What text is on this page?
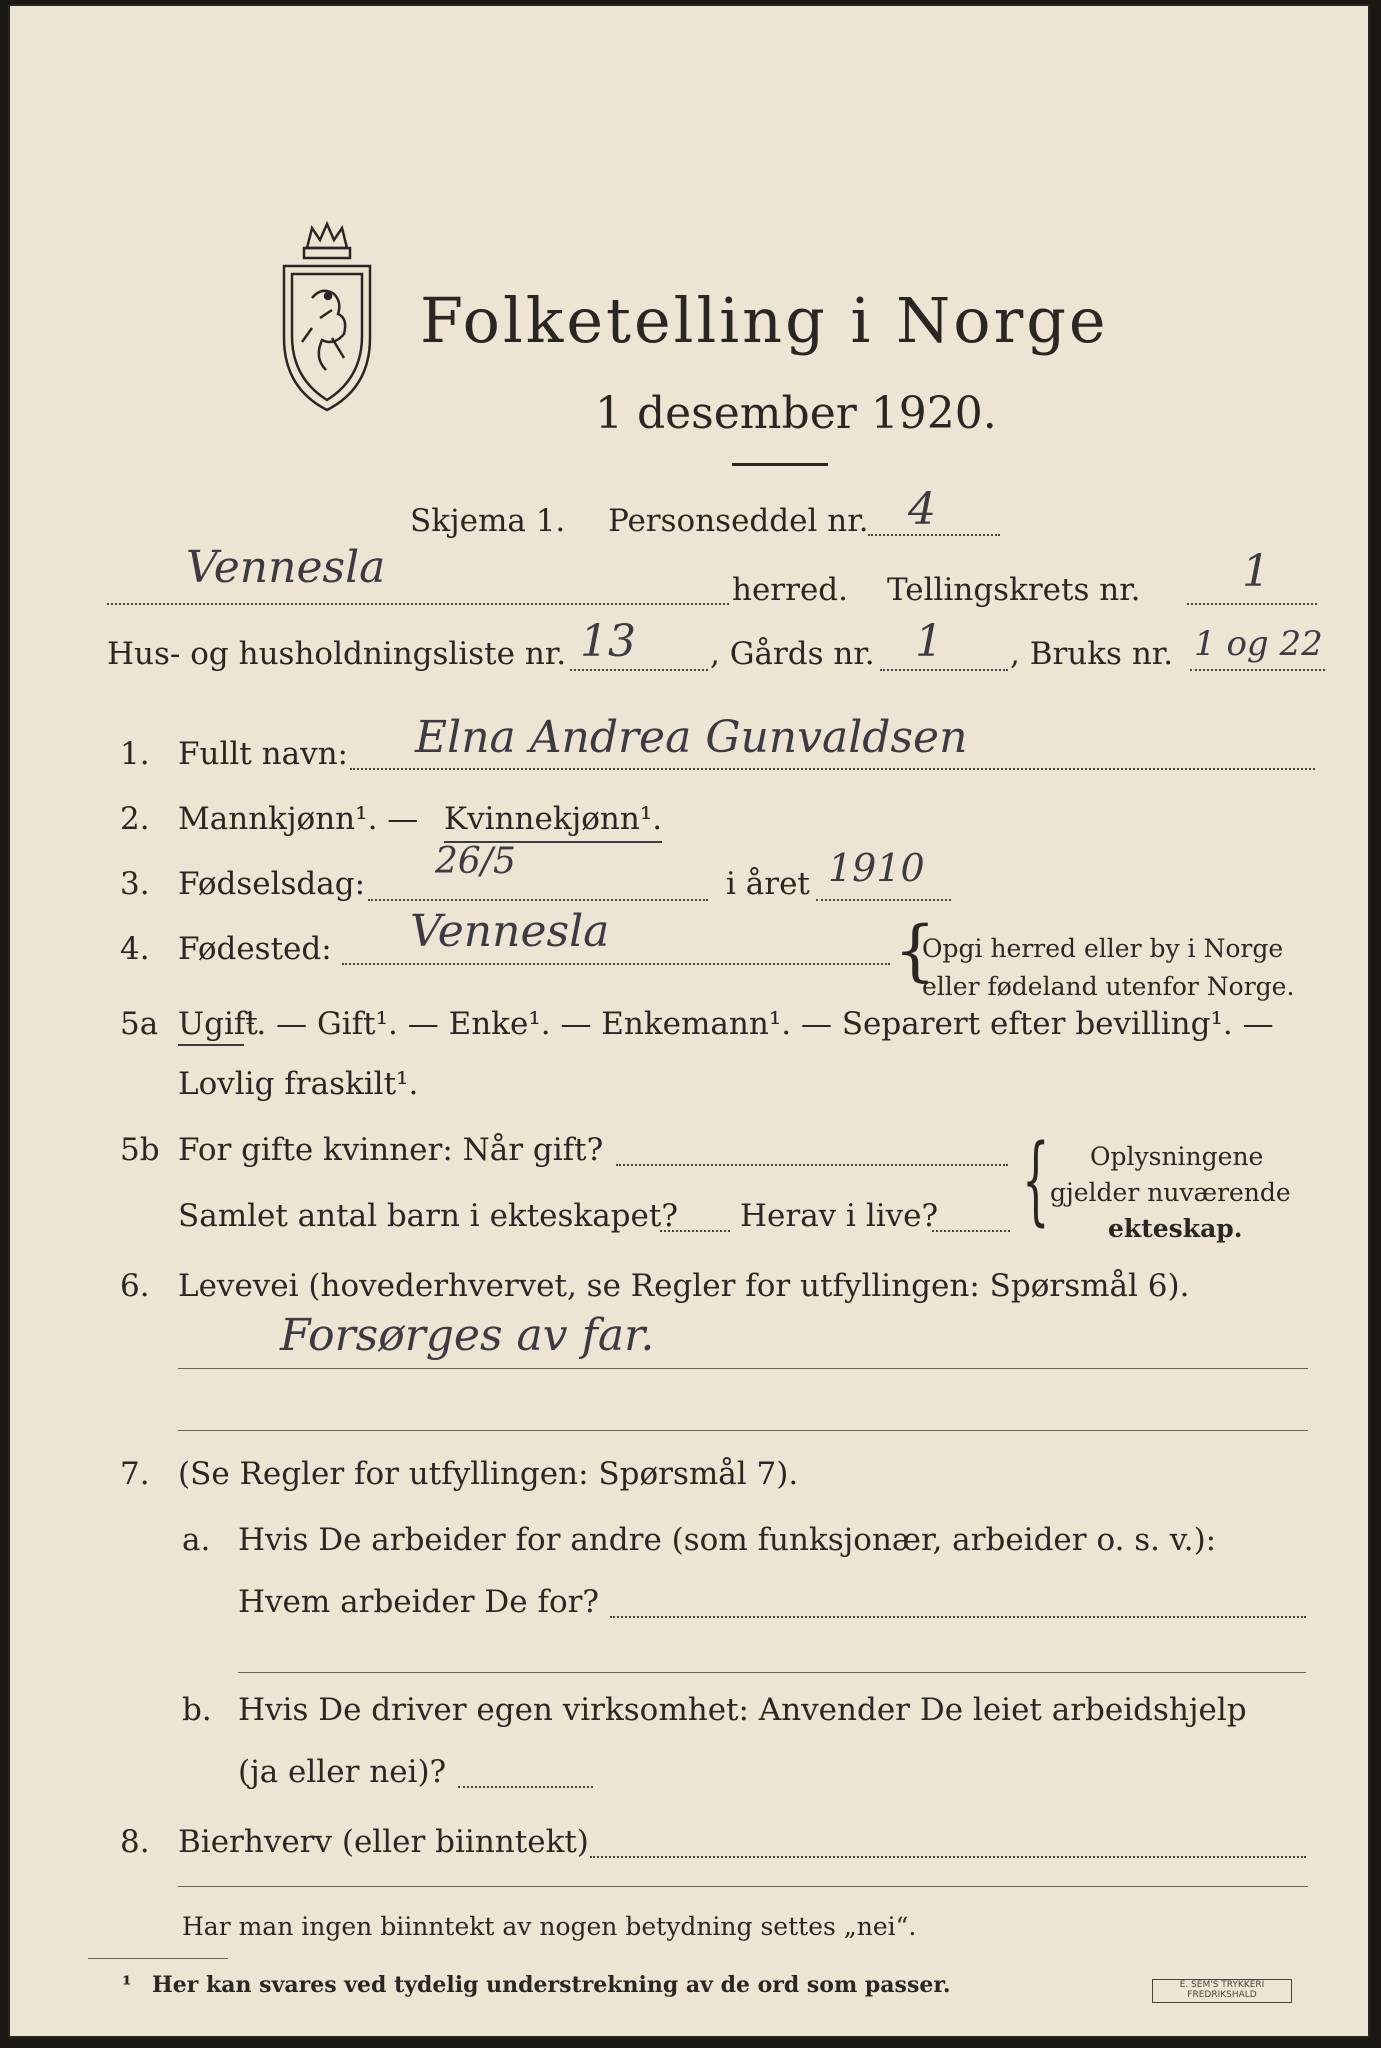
Folketelling i Norge
1 desember 1920.
Skjema 1. Personseddel nr. 4
Vennesla	herred. Tellingskrets nr. 1
Hus- og husholdningsliste nr. 13 , Gårds nr. 1 , Bruks nr. 1 og 22
1. Fullt navn: Elna Andrea Gunvaldsen
2. Mannkjønn¹. — Kvinnekjønn¹.
3. Fødselsdag:
26/5
i året 1910
4. Fødested: Vennesla	{
Opgi herred eller by i Norge
eller fødeland utenfor Norge.
5a Ugift
¹. — Gift¹. — Enke¹. — Enkemann¹. — Separert efter bevilling¹. —
Lovlig fraskilt¹.
5b For gifte kvinner: Når gift?
Samlet antal barn i ekteskapet? Herav i live? { Oplysningene
gjelder nuværende
ekteskap.
6. Levevei (hovederhvervet, se Regler for utfyllingen: Spørsmål 6).
Forsørges av far.
7. (Se Regler for utfyllingen: Spørsmål 7).
a. Hvis De arbeider for andre (som funksjonær, arbeider o. s. v.):
Hvem arbeider De for?
b. Hvis De driver egen virksomhet: Anvender De leiet arbeidshjelp
(ja eller nei)?
8. Bierhverv (eller biinntekt)
Har man ingen biinntekt av nogen betydning settes „nei“.
¹ Her kan svares ved tydelig understrekning av de ord som passer.	E. SEM'S TRYKKERI FREDRIKSHALD
